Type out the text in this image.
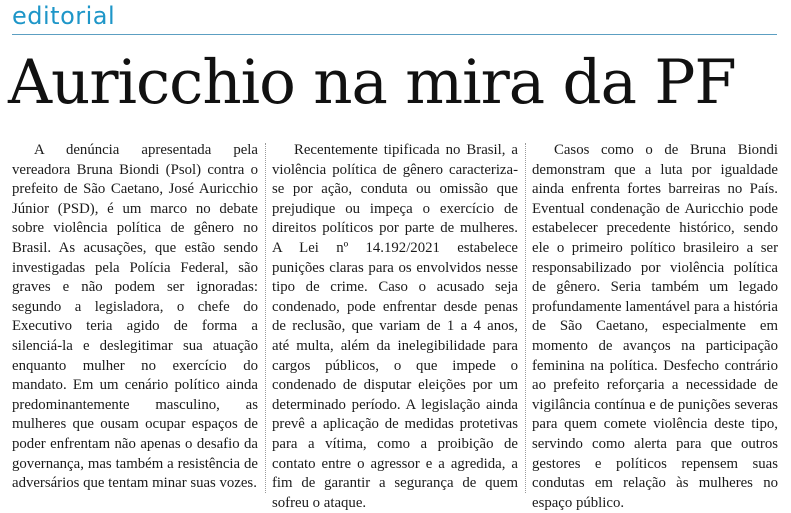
editorial
Auricchio na mira da PF

A denúncia apresentada pela vereadora Bruna Biondi (Psol) contra o prefeito de São Caetano, José Auricchio Júnior (PSD), é um marco no debate sobre violência política de gênero no Brasil. As acusações, que estão sendo investigadas pela Polícia Federal, são graves e não podem ser ignoradas: segundo a legisladora, o chefe do Executivo teria agido de forma a silenciá-la e deslegitimar sua atuação enquanto mulher no exercício do mandato. Em um cenário político ainda predominantemente masculino, as mulheres que ousam ocupar espaços de poder enfrentam não apenas o desafio da governança, mas também a resistência de adversários que tentam minar suas vozes.

Recentemente tipificada no Brasil, a violência política de gênero caracteriza-se por ação, conduta ou omissão que prejudique ou impeça o exercício de direitos políticos por parte de mulheres. A Lei nº 14.192/2021 estabelece punições claras para os envolvidos nesse tipo de crime. Caso o acusado seja condenado, pode enfrentar desde penas de reclusão, que variam de 1 a 4 anos, até multa, além da inelegibilidade para cargos públicos, o que impede o condenado de disputar eleições por um determinado período. A legislação ainda prevê a aplicação de medidas protetivas para a vítima, como a proibição de contato entre o agressor e a agredida, a fim de garantir a segurança de quem sofreu o ataque.

Casos como o de Bruna Biondi demonstram que a luta por igualdade ainda enfrenta fortes barreiras no País. Eventual condenação de Auricchio pode estabelecer precedente histórico, sendo ele o primeiro político brasileiro a ser responsabilizado por violência política de gênero. Seria também um legado profundamente lamentável para a história de São Caetano, especialmente em momento de avanços na participação feminina na política. Desfecho contrário ao prefeito reforçaria a necessidade de vigilância contínua e de punições severas para quem comete violência deste tipo, servindo como alerta para que outros gestores e políticos repensem suas condutas em relação às mulheres no espaço público.
